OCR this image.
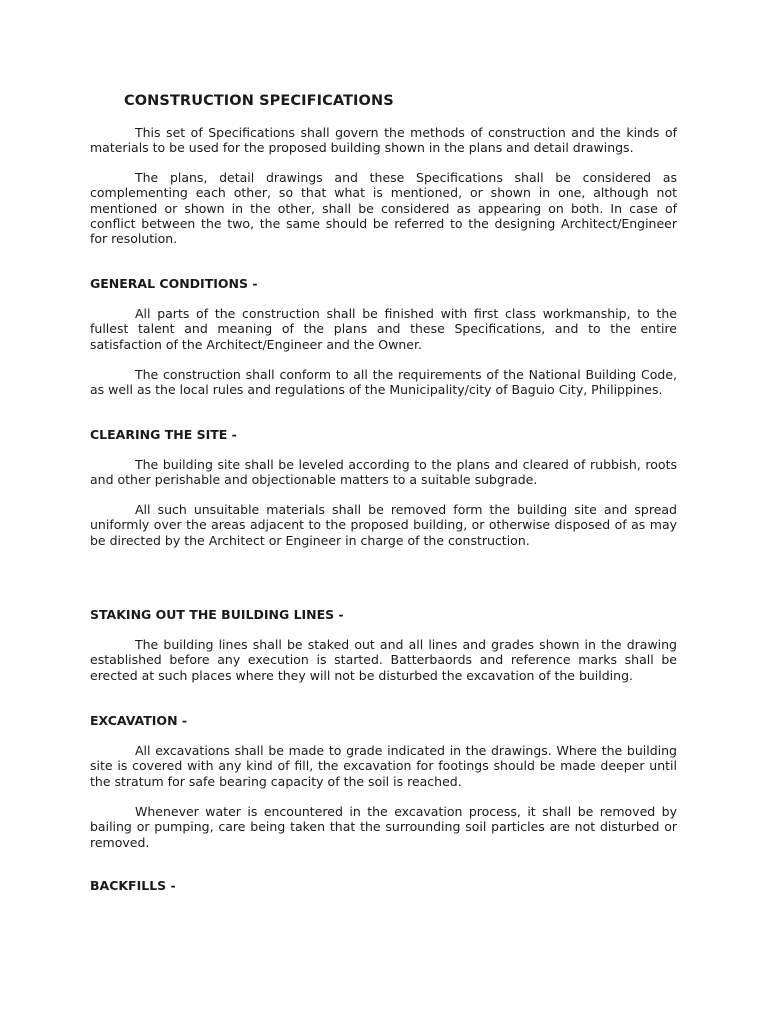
CONSTRUCTION SPECIFICATIONS

This set of Specifications shall govern the methods of construction and the kinds of materials to be used for the proposed building shown in the plans and detail drawings.

The plans, detail drawings and these Specifications shall be considered as complementing each other, so that what is mentioned, or shown in one, although not mentioned or shown in the other, shall be considered as appearing on both. In case of conflict between the two, the same should be referred to the designing Architect/Engineer for resolution.

GENERAL CONDITIONS -

All parts of the construction shall be finished with first class workmanship, to the fullest talent and meaning of the plans and these Specifications, and to the entire satisfaction of the Architect/Engineer and the Owner.

The construction shall conform to all the requirements of the National Building Code, as well as the local rules and regulations of the Municipality/city of Baguio City, Philippines.

CLEARING THE SITE -

The building site shall be leveled according to the plans and cleared of rubbish, roots and other perishable and objectionable matters to a suitable subgrade.

All such unsuitable materials shall be removed form the building site and spread uniformly over the areas adjacent to the proposed building, or otherwise disposed of as may be directed by the Architect or Engineer in charge of the construction.

STAKING OUT THE BUILDING LINES -

The building lines shall be staked out and all lines and grades shown in the drawing established before any execution is started. Batterbaords and reference marks shall be erected at such places where they will not be disturbed the excavation of the building.

EXCAVATION -

All excavations shall be made to grade indicated in the drawings. Where the building site is covered with any kind of fill, the excavation for footings should be made deeper until the stratum for safe bearing capacity of the soil is reached.

Whenever water is encountered in the excavation process, it shall be removed by bailing or pumping, care being taken that the surrounding soil particles are not disturbed or removed.

BACKFILLS -
